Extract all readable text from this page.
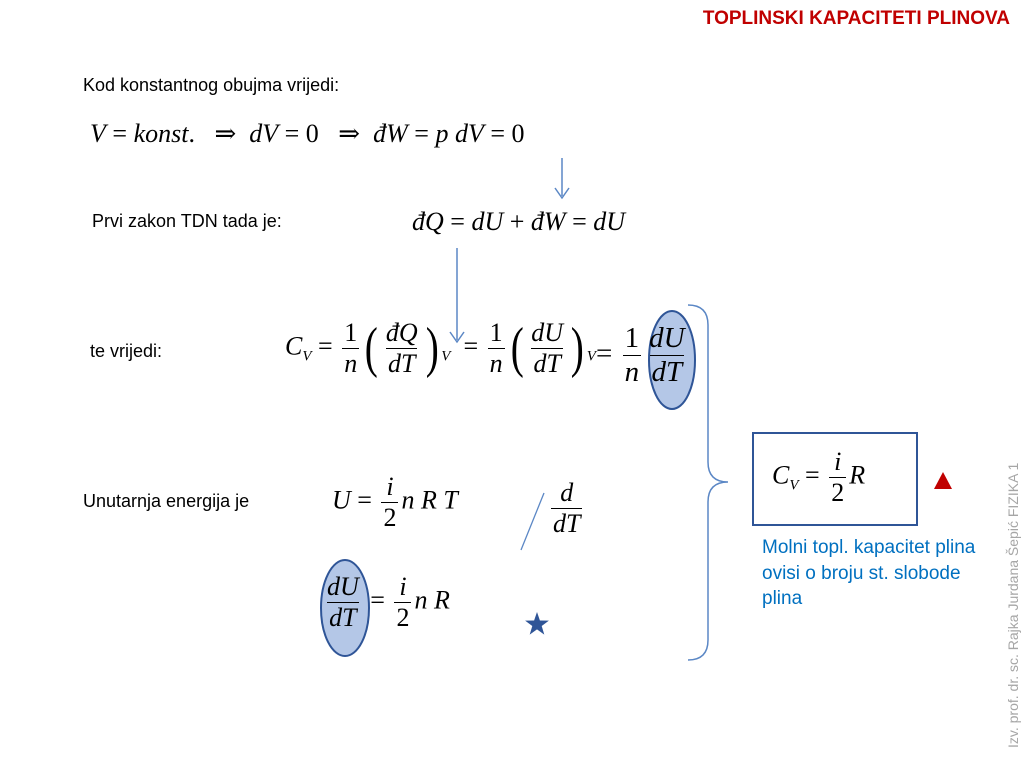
TOPLINSKI KAPACITETI PLINOVA
Izv. prof. dr. sc. Rajka Jurdana Šepić FIZIKA 1
Kod konstantnog obujma vrijedi:
Prvi zakon TDN tada je:
te vrijedi:
Unutarnja energija je
V = konst.   ⇒  dV = 0   ⇒  đW = p dV = 0
đQ = dU + đW = dU
$C_V = \frac{1}{n}$ ( $\frac{đQ}{dT}$ ) $_V = \frac{1}{n}$ ( $\frac{dU}{dT}$ ) $_V = \frac{1}{n} \frac{dU}{dT}$
$U = \frac{i}{2}$ n R T	$\frac{d}{dT}$
$\frac{dU}{dT} = \frac{i}{2}$ n R
$C_V = \frac{i}{2}$ R
Molni topl. kapacitet plina ovisi o broju st. slobode plina
